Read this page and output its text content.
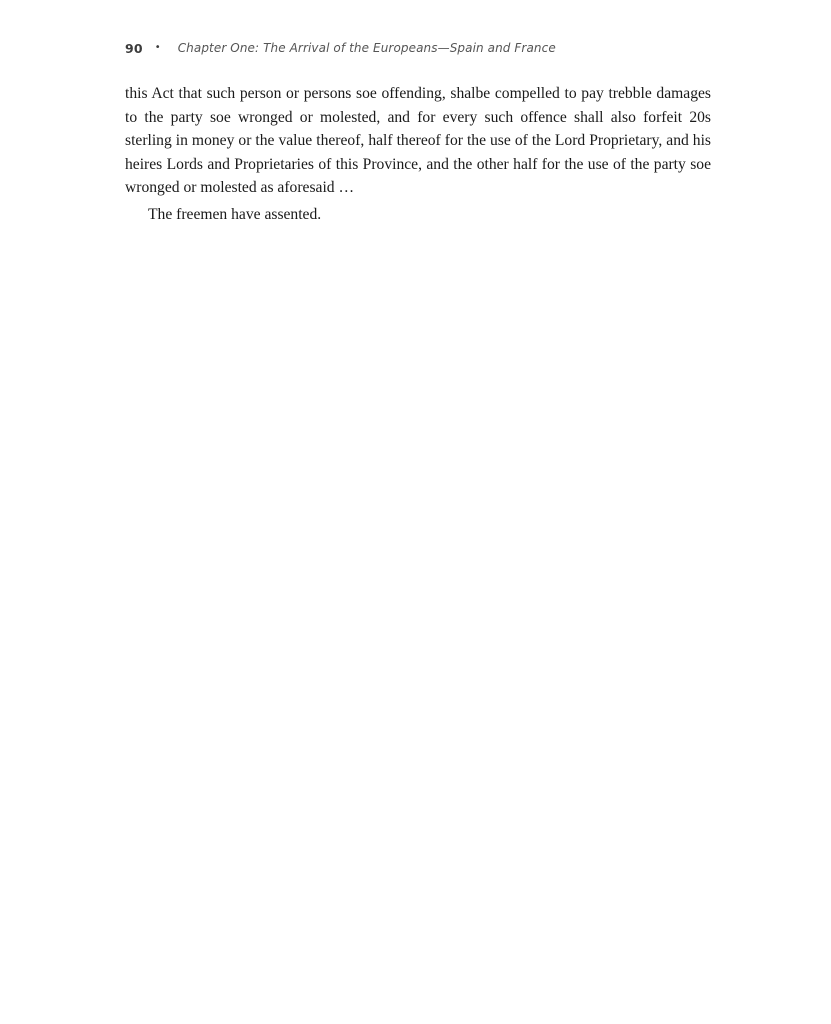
90 • Chapter One: The Arrival of the Europeans—Spain and France

this Act that such person or persons soe offending, shalbe compelled to pay trebble damages to the party soe wronged or molested, and for every such offence shall also forfeit 20s sterling in money or the value thereof, half thereof for the use of the Lord Proprietary, and his heires Lords and Proprietaries of this Province, and the other half for the use of the party soe wronged or molested as aforesaid …

The freemen have assented.
